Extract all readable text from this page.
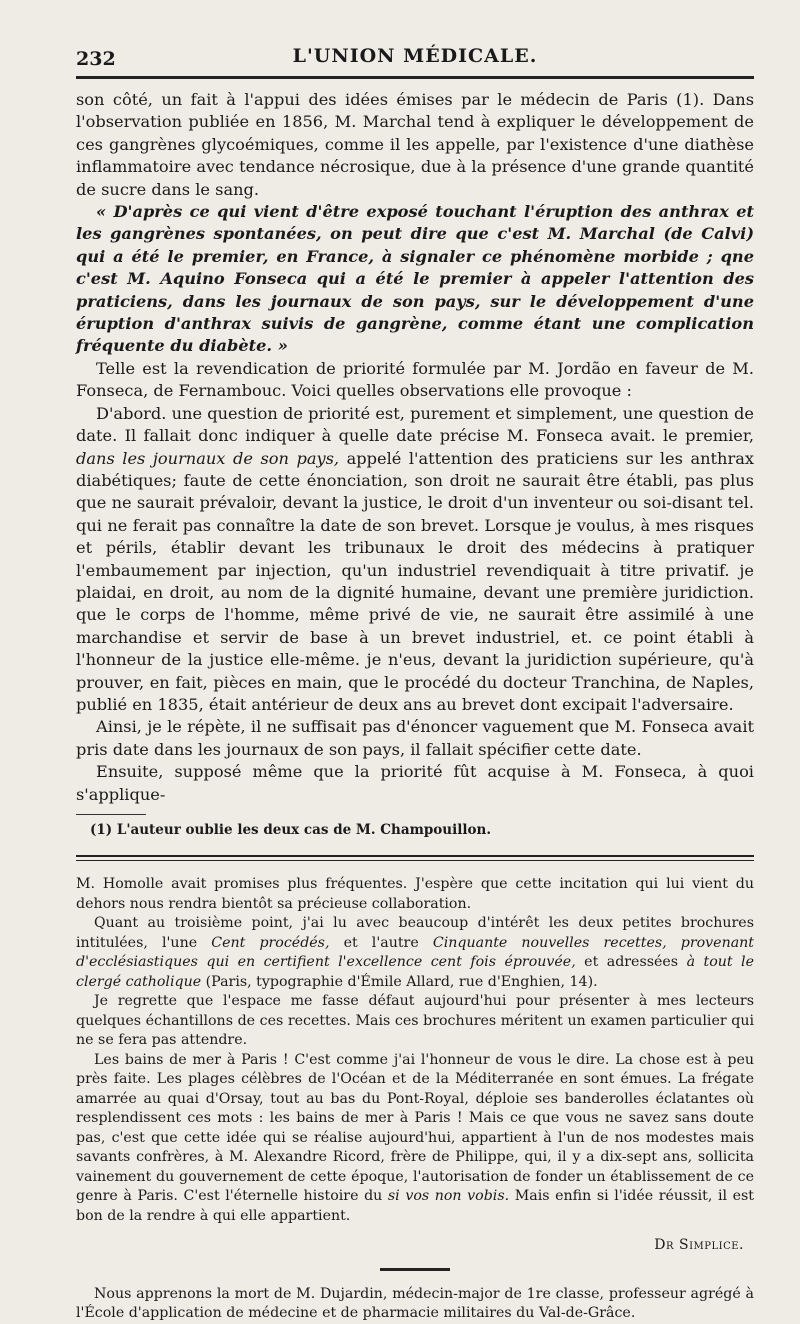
232	L'UNION MÉDICALE.

son côté, un fait à l'appui des idées émises par le médecin de Paris (1). Dans l'observation publiée en 1856, M. Marchal tend à expliquer le développement de ces gangrènes glycoémiques, comme il les appelle, par l'existence d'une diathèse inflammatoire avec tendance nécrosique, due à la présence d'une grande quantité de sucre dans le sang.

« D'après ce qui vient d'être exposé touchant l'éruption des anthrax et les gangrènes spontanées, on peut dire que c'est M. Marchal (de Calvi) qui a été le premier, en France, à signaler ce phénomène morbide ; qne c'est M. Aquino Fonseca qui a été le premier à appeler l'attention des praticiens, dans les journaux de son pays, sur le développement d'une éruption d'anthrax suivis de gangrène, comme étant une complication fréquente du diabète. »

Telle est la revendication de priorité formulée par M. Jordão en faveur de M. Fonseca, de Fernambouc. Voici quelles observations elle provoque :

D'abord. une question de priorité est, purement et simplement, une question de date. Il fallait donc indiquer à quelle date précise M. Fonseca avait. le premier, dans les journaux de son pays, appelé l'attention des praticiens sur les anthrax diabétiques; faute de cette énonciation, son droit ne saurait être établi, pas plus que ne saurait prévaloir, devant la justice, le droit d'un inventeur ou soi-disant tel. qui ne ferait pas connaître la date de son brevet. Lorsque je voulus, à mes risques et périls, établir devant les tribunaux le droit des médecins à pratiquer l'embaumement par injection, qu'un industriel revendiquait à titre privatif. je plaidai, en droit, au nom de la dignité humaine, devant une première juridiction. que le corps de l'homme, même privé de vie, ne saurait être assimilé à une marchandise et servir de base à un brevet industriel, et. ce point établi à l'honneur de la justice elle-même. je n'eus, devant la juridiction supérieure, qu'à prouver, en fait, pièces en main, que le procédé du docteur Tranchina, de Naples, publié en 1835, était antérieur de deux ans au brevet dont excipait l'adversaire.

Ainsi, je le répète, il ne suffisait pas d'énoncer vaguement que M. Fonseca avait pris date dans les journaux de son pays, il fallait spécifier cette date.

Ensuite, supposé même que la priorité fût acquise à M. Fonseca, à quoi s'applique-

(1) L'auteur oublie les deux cas de M. Champouillon.

M. Homolle avait promises plus fréquentes. J'espère que cette incitation qui lui vient du dehors nous rendra bientôt sa précieuse collaboration.

Quant au troisième point, j'ai lu avec beaucoup d'intérêt les deux petites brochures intitulées, l'une Cent procédés, et l'autre Cinquante nouvelles recettes, provenant d'ecclésiastiques qui en certifient l'excellence cent fois éprouvée, et adressées à tout le clergé catholique (Paris, typographie d'Émile Allard, rue d'Enghien, 14).

Je regrette que l'espace me fasse défaut aujourd'hui pour présenter à mes lecteurs quelques échantillons de ces recettes. Mais ces brochures méritent un examen particulier qui ne se fera pas attendre.

Les bains de mer à Paris ! C'est comme j'ai l'honneur de vous le dire. La chose est à peu près faite. Les plages célèbres de l'Océan et de la Méditerranée en sont émues. La frégate amarrée au quai d'Orsay, tout au bas du Pont-Royal, déploie ses banderolles éclatantes où resplendissent ces mots : les bains de mer à Paris ! Mais ce que vous ne savez sans doute pas, c'est que cette idée qui se réalise aujourd'hui, appartient à l'un de nos modestes mais savants confrères, à M. Alexandre Ricord, frère de Philippe, qui, il y a dix-sept ans, sollicita vainement du gouvernement de cette époque, l'autorisation de fonder un établissement de ce genre à Paris. C'est l'éternelle histoire du si vos non vobis. Mais enfin si l'idée réussit, il est bon de la rendre à qui elle appartient.

Dr Simplice.

Nous apprenons la mort de M. Dujardin, médecin-major de 1re classe, professeur agrégé à l'École d'application de médecine et de pharmacie militaires du Val-de-Grâce.
